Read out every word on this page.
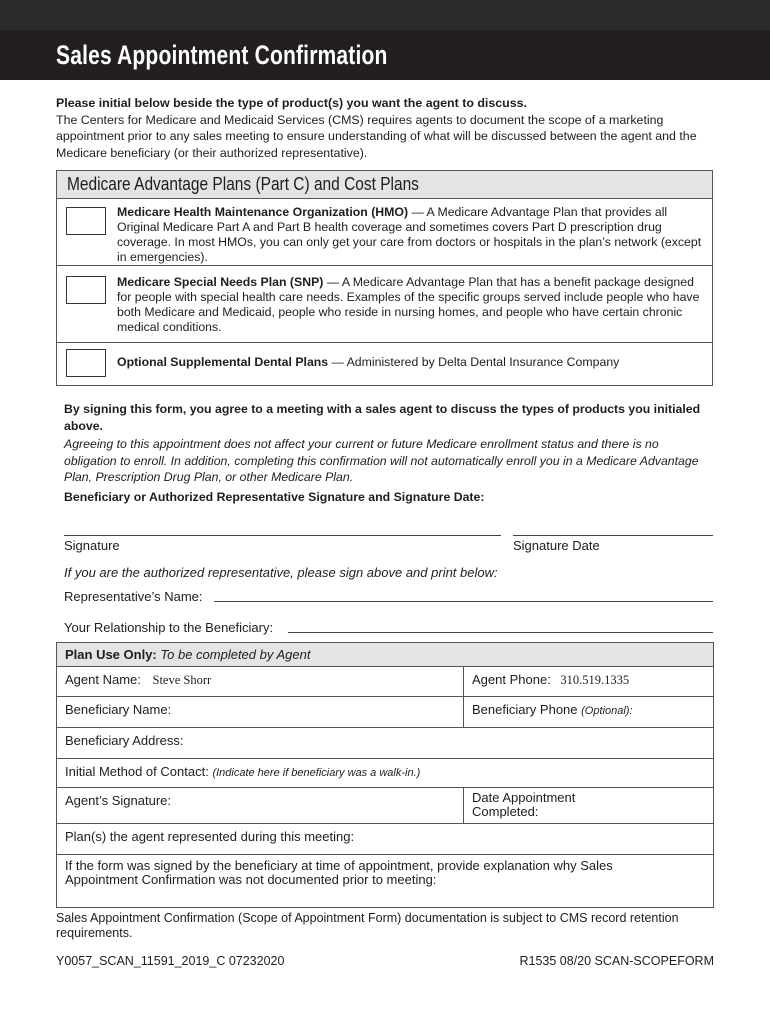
Sales Appointment Confirmation
Please initial below beside the type of product(s) you want the agent to discuss.
The Centers for Medicare and Medicaid Services (CMS) requires agents to document the scope of a marketing appointment prior to any sales meeting to ensure understanding of what will be discussed between the agent and the Medicare beneficiary (or their authorized representative).
Medicare Advantage Plans (Part C) and Cost Plans
Medicare Health Maintenance Organization (HMO) — A Medicare Advantage Plan that provides all Original Medicare Part A and Part B health coverage and sometimes covers Part D prescription drug coverage. In most HMOs, you can only get your care from doctors or hospitals in the plan’s network (except in emergencies).
Medicare Special Needs Plan (SNP) — A Medicare Advantage Plan that has a benefit package designed for people with special health care needs. Examples of the specific groups served include people who have both Medicare and Medicaid, people who reside in nursing homes, and people who have certain chronic medical conditions.
Optional Supplemental Dental Plans — Administered by Delta Dental Insurance Company
By signing this form, you agree to a meeting with a sales agent to discuss the types of products you initialed above.
Agreeing to this appointment does not affect your current or future Medicare enrollment status and there is no obligation to enroll. In addition, completing this confirmation will not automatically enroll you in a Medicare Advantage Plan, Prescription Drug Plan, or other Medicare Plan.
Beneficiary or Authorized Representative Signature and Signature Date:
Signature	Signature Date
If you are the authorized representative, please sign above and print below:
Representative’s Name:
Your Relationship to the Beneficiary:
Plan Use Only: To be completed by Agent
Agent Name: Steve Shorr	Agent Phone: 310.519.1335
Beneficiary Name:	Beneficiary Phone (Optional):
Beneficiary Address:
Initial Method of Contact: (Indicate here if beneficiary was a walk-in.)
Agent’s Signature:	Date Appointment
Completed:
Plan(s) the agent represented during this meeting:
If the form was signed by the beneficiary at time of appointment, provide explanation why Sales Appointment Confirmation was not documented prior to meeting:
Sales Appointment Confirmation (Scope of Appointment Form) documentation is subject to CMS record retention requirements.
Y0057_SCAN_11591_2019_C 07232020	R1535 08/20 SCAN-SCOPEFORM
